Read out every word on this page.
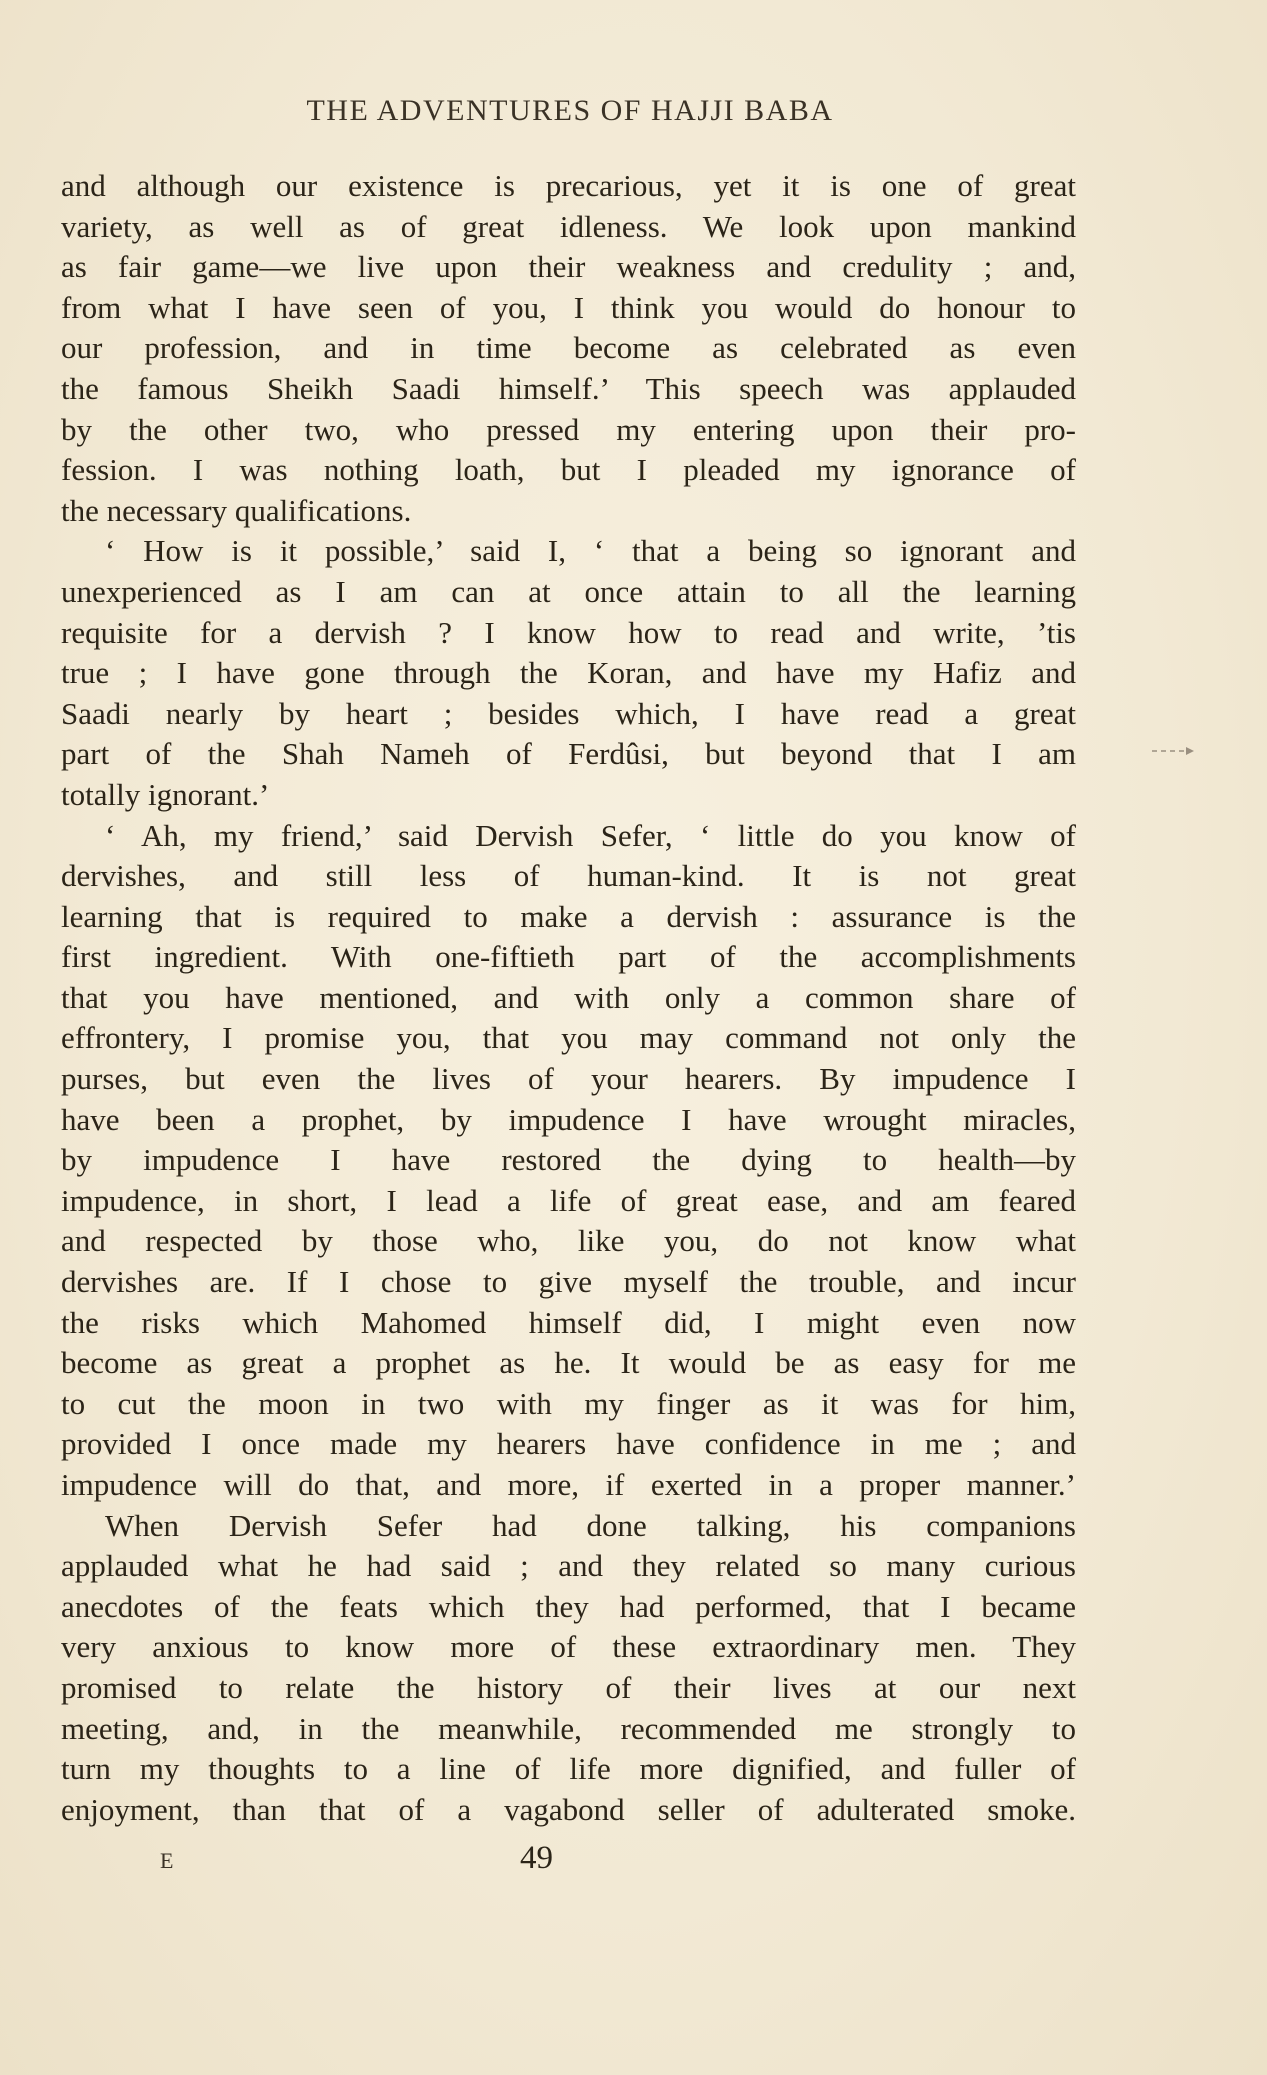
THE ADVENTURES OF HAJJI BABA
and although our existence is precarious, yet it is one of great
variety, as well as of great idleness. We look upon mankind
as fair game—we live upon their weakness and credulity ; and,
from what I have seen of you, I think you would do honour to
our profession, and in time become as celebrated as even
the famous Sheikh Saadi himself.’ This speech was applauded
by the other two, who pressed my entering upon their pro-
fession. I was nothing loath, but I pleaded my ignorance of
the necessary qualifications.
‘ How is it possible,’ said I, ‘ that a being so ignorant and
unexperienced as I am can at once attain to all the learning
requisite for a dervish ? I know how to read and write, ’tis
true ; I have gone through the Koran, and have my Hafiz and
Saadi nearly by heart ; besides which, I have read a great
part of the Shah Nameh of Ferdûsi, but beyond that I am
totally ignorant.’
‘ Ah, my friend,’ said Dervish Sefer, ‘ little do you know of
dervishes, and still less of human-kind. It is not great
learning that is required to make a dervish : assurance is the
first ingredient. With one-fiftieth part of the accomplishments
that you have mentioned, and with only a common share of
effrontery, I promise you, that you may command not only the
purses, but even the lives of your hearers. By impudence I
have been a prophet, by impudence I have wrought miracles,
by impudence I have restored the dying to health—by
impudence, in short, I lead a life of great ease, and am feared
and respected by those who, like you, do not know what
dervishes are. If I chose to give myself the trouble, and incur
the risks which Mahomed himself did, I might even now
become as great a prophet as he. It would be as easy for me
to cut the moon in two with my finger as it was for him,
provided I once made my hearers have confidence in me ; and
impudence will do that, and more, if exerted in a proper manner.’
When Dervish Sefer had done talking, his companions
applauded what he had said ; and they related so many curious
anecdotes of the feats which they had performed, that I became
very anxious to know more of these extraordinary men. They
promised to relate the history of their lives at our next
meeting, and, in the meanwhile, recommended me strongly to
turn my thoughts to a line of life more dignified, and fuller of
enjoyment, than that of a vagabond seller of adulterated smoke.
E	49
